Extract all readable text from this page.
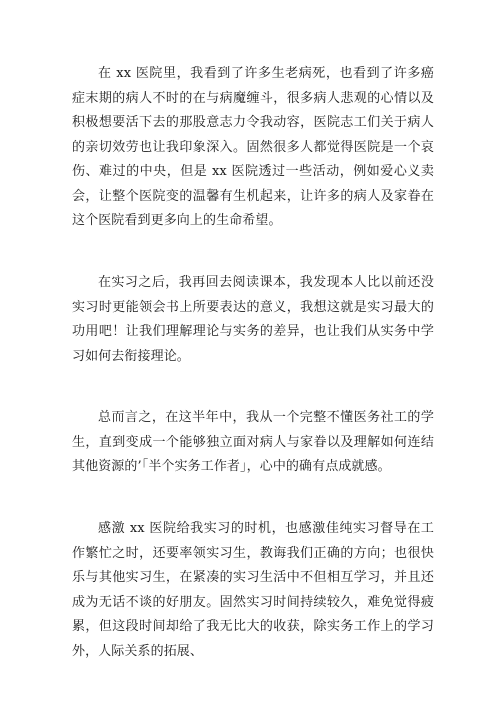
在 xx 医院里，我看到了许多生老病死，也看到了许多癌症末期的病人不时的在与病魔缠斗，很多病人悲观的心情以及积极想要活下去的那股意志力令我动容，医院志工们关于病人的亲切效劳也让我印象深入。固然很多人都觉得医院是一个哀伤、难过的中央，但是 xx 医院透过一些活动，例如爱心义卖会，让整个医院变的温馨有生机起来，让许多的病人及家眷在这个医院看到更多向上的生命希望。

在实习之后，我再回去阅读课本，我发现本人比以前还没实习时更能领会书上所要表达的意义，我想这就是实习最大的功用吧！让我们理解理论与实务的差异，也让我们从实务中学习如何去衔接理论。

总而言之，在这半年中，我从一个完整不懂医务社工的学生，直到变成一个能够独立面对病人与家眷以及理解如何连结其他资源的’「半个实务工作者」，心中的确有点成就感。

感激 xx 医院给我实习的时机，也感激佳纯实习督导在工作繁忙之时，还要率领实习生，教诲我们正确的方向；也很快乐与其他实习生，在紧凑的实习生活中不但相互学习，并且还成为无话不谈的好朋友。固然实习时间持续较久，难免觉得疲累，但这段时间却给了我无比大的收获，除实务工作上的学习外，人际关系的拓展、
